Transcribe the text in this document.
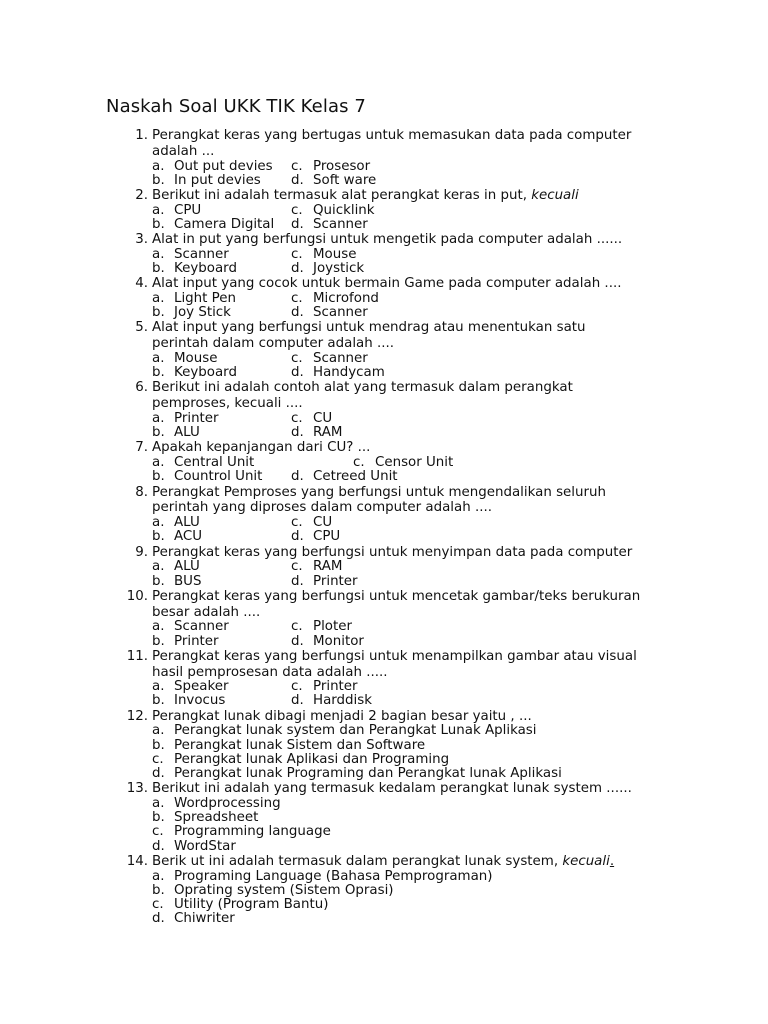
Naskah Soal UKK TIK Kelas 7
1. Perangkat keras yang bertugas untuk memasukan data pada computer
adalah ...
a. Out put devies c. Prosesor
b. In put devies d. Soft ware
2. Berikut ini adalah termasuk alat perangkat keras in put, kecuali
a. CPU	c. Quicklink
b. Camera Digital d. Scanner
3. Alat in put yang berfungsi untuk mengetik pada computer adalah ......
a. Scanner	c. Mouse
b. Keyboard	d. Joystick
4. Alat input yang cocok untuk bermain Game pada computer adalah ....
a. Light Pen	c. Microfond
b. Joy Stick	d. Scanner
5. Alat input yang berfungsi untuk mendrag atau menentukan satu
perintah dalam computer adalah ....
a. Mouse	c. Scanner
b. Keyboard	d. Handycam
6. Berikut ini adalah contoh alat yang termasuk dalam perangkat
pemproses, kecuali ....
a. Printer	c. CU
b. ALU	d. RAM
7. Apakah kepanjangan dari CU? ...
a. Central Unit	c. Censor Unit
b. Countrol Unit d. Cetreed Unit
8. Perangkat Pemproses yang berfungsi untuk mengendalikan seluruh
perintah yang diproses dalam computer adalah ....
a. ALU	c. CU
b. ACU	d. CPU
9. Perangkat keras yang berfungsi untuk menyimpan data pada computer
a. ALU	c. RAM
b. BUS	d. Printer
10. Perangkat keras yang berfungsi untuk mencetak gambar/teks berukuran
besar adalah ....
a. Scanner	c. Ploter
b. Printer	d. Monitor
11. Perangkat keras yang berfungsi untuk menampilkan gambar atau visual
hasil pemprosesan data adalah .....
a. Speaker	c. Printer
b. Invocus	d. Harddisk
12. Perangkat lunak dibagi menjadi 2 bagian besar yaitu , ...
a. Perangkat lunak system dan Perangkat Lunak Aplikasi
b. Perangkat lunak Sistem dan Software
c. Perangkat lunak Aplikasi dan Programing
d. Perangkat lunak Programing dan Perangkat lunak Aplikasi
13. Berikut ini adalah yang termasuk kedalam perangkat lunak system ......
a. Wordprocessing
b. Spreadsheet
c. Programming language
d. WordStar
14. Berik ut ini adalah termasuk dalam perangkat lunak system, kecuali.
a. Programing Language (Bahasa Pemprograman)
b. Oprating system (Sistem Oprasi)
c. Utility (Program Bantu)
d. Chiwriter
